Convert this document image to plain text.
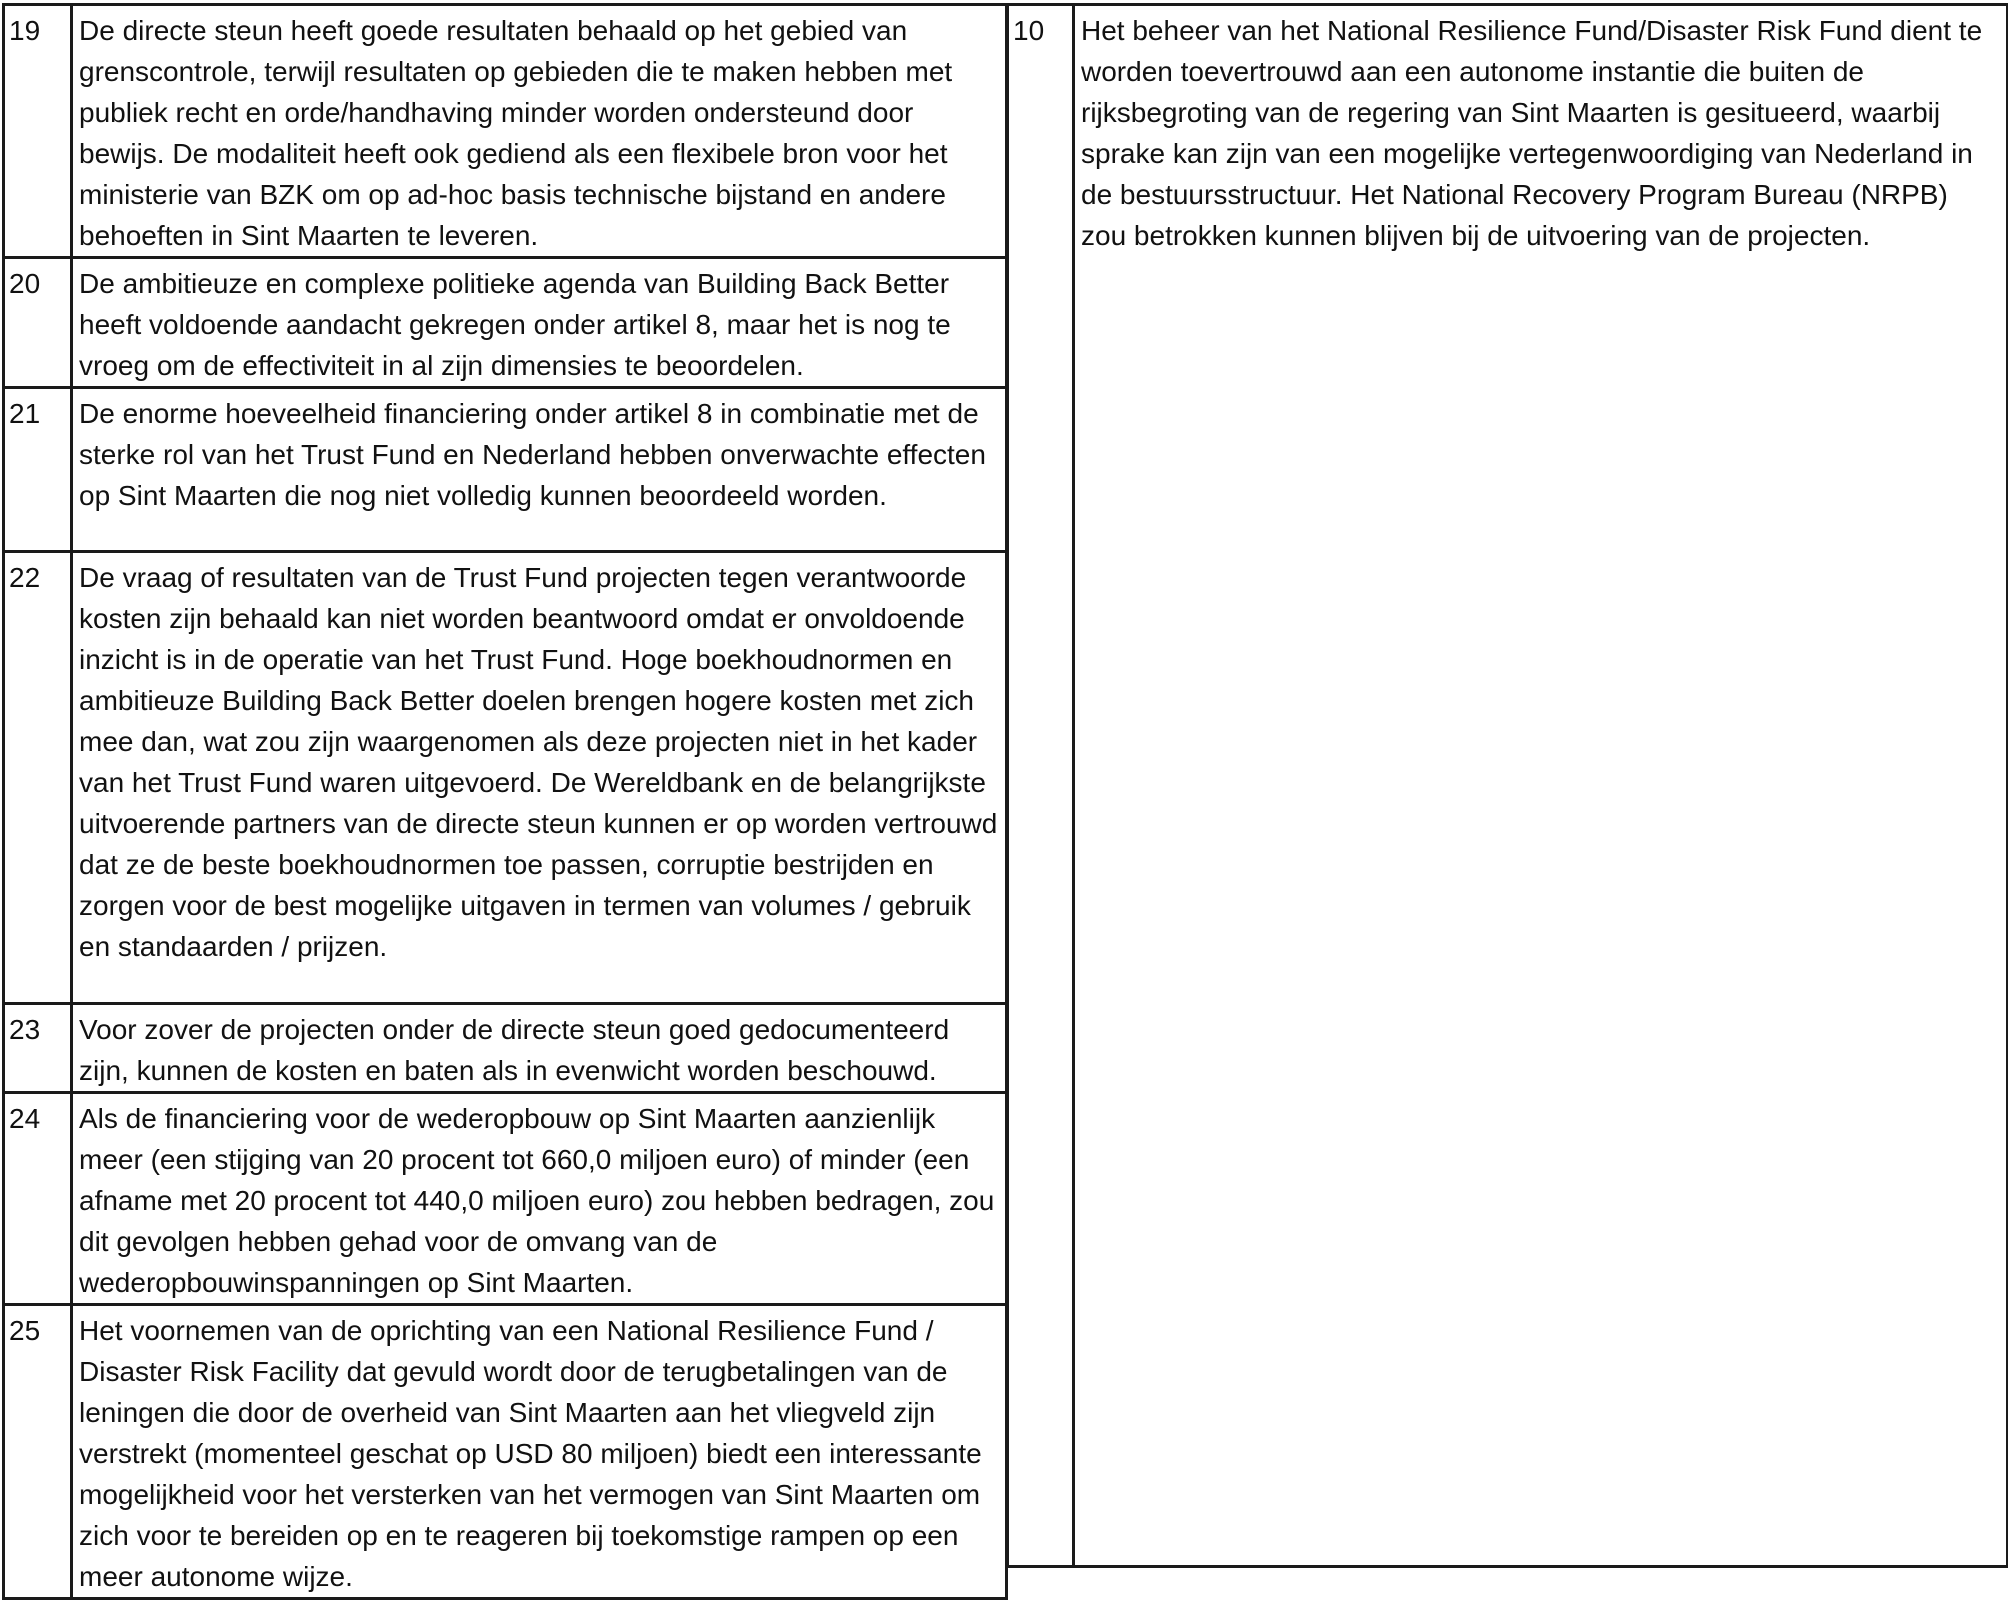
19	De directe steun heeft goede resultaten behaald op het gebied van grenscontrole, terwijl resultaten op gebieden die te maken hebben met publiek recht en orde/handhaving minder worden ondersteund door bewijs. De modaliteit heeft ook gediend als een flexibele bron voor het ministerie van BZK om op ad-hoc basis technische bijstand en andere behoeften in Sint Maarten te leveren.
20	De ambitieuze en complexe politieke agenda van Building Back Better heeft voldoende aandacht gekregen onder artikel 8, maar het is nog te vroeg om de effectiviteit in al zijn dimensies te beoordelen.
21	De enorme hoeveelheid financiering onder artikel 8 in combinatie met de sterke rol van het Trust Fund en Nederland hebben onverwachte effecten op Sint Maarten die nog niet volledig kunnen beoordeeld worden.
22	De vraag of resultaten van de Trust Fund projecten tegen verantwoorde kosten zijn behaald kan niet worden beantwoord omdat er onvoldoende inzicht is in de operatie van het Trust Fund. Hoge boekhoudnormen en ambitieuze Building Back Better doelen brengen hogere kosten met zich mee dan, wat zou zijn waargenomen als deze projecten niet in het kader van het Trust Fund waren uitgevoerd. De Wereldbank en de belangrijkste uitvoerende partners van de directe steun kunnen er op worden vertrouwd dat ze de beste boekhoudnormen toe passen, corruptie bestrijden en zorgen voor de best mogelijke uitgaven in termen van volumes / gebruik en standaarden / prijzen.
23	Voor zover de projecten onder de directe steun goed gedocumenteerd zijn, kunnen de kosten en baten als in evenwicht worden beschouwd.
24	Als de financiering voor de wederopbouw op Sint Maarten aanzienlijk meer (een stijging van 20 procent tot 660,0 miljoen euro) of minder (een afname met 20 procent tot 440,0 miljoen euro) zou hebben bedragen, zou dit gevolgen hebben gehad voor de omvang van de wederopbouwinspanningen op Sint Maarten.
25	Het voornemen van de oprichting van een National Resilience Fund / Disaster Risk Facility dat gevuld wordt door de terugbetalingen van de leningen die door de overheid van Sint Maarten aan het vliegveld zijn verstrekt (momenteel geschat op USD 80 miljoen) biedt een interessante mogelijkheid voor het versterken van het vermogen van Sint Maarten om zich voor te bereiden op en te reageren bij toekomstige rampen op een meer autonome wijze.
10	Het beheer van het National Resilience Fund/Disaster Risk Fund dient te worden toevertrouwd aan een autonome instantie die buiten de rijksbegroting van de regering van Sint Maarten is gesitueerd, waarbij sprake kan zijn van een mogelijke vertegenwoordiging van Nederland in de bestuursstructuur. Het National Recovery Program Bureau (NRPB) zou betrokken kunnen blijven bij de uitvoering van de projecten.
